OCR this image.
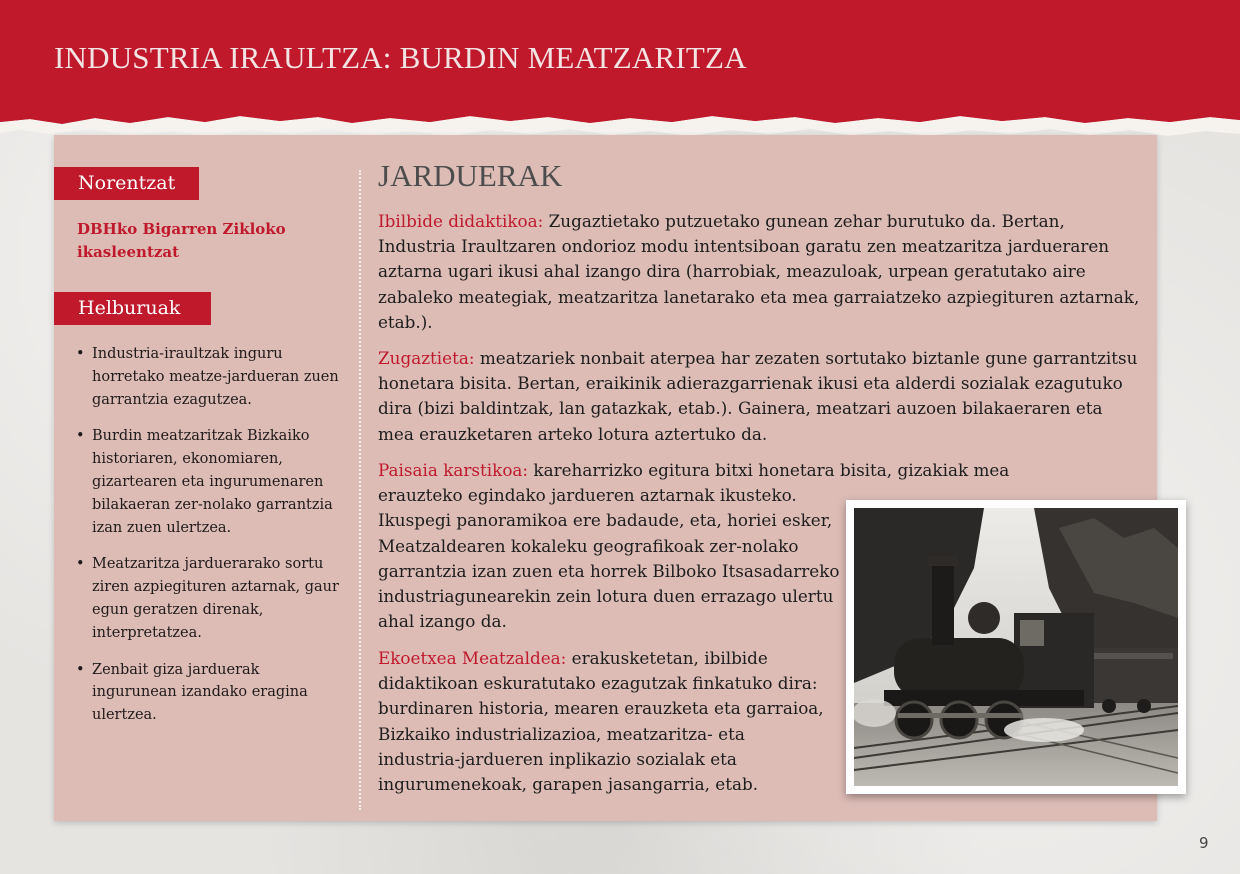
INDUSTRIA IRAULTZA: BURDIN MEATZARITZA
Norentzat
DBHko Bigarren Zikloko ikasleentzat
Helburuak
• Industria-iraultzak inguru horretako meatze-jardueran zuen garrantzia ezagutzea.
• Burdin meatzaritzak Bizkaiko historiaren, ekonomiaren, gizartearen eta ingurumenaren bilakaeran zer-nolako garrantzia izan zuen ulertzea.
• Meatzaritza jarduerarako sortu ziren azpiegituren aztarnak, gaur egun geratzen direnak, interpretatzea.
• Zenbait giza jarduerak ingurunean izandako eragina ulertzea.
JARDUERAK

Ibilbide didaktikoa: Zugaztietako putzuetako gunean zehar burutuko da. Bertan, Industria Iraultzaren ondorioz modu intentsiboan garatu zen meatzaritza jardueraren aztarna ugari ikusi ahal izango dira (harrobiak, meazuloak, urpean geratutako aire zabaleko meategiak, meatzaritza lanetarako eta mea garraiatzeko azpiegituren aztarnak, etab.).

Zugaztieta: meatzariek nonbait aterpea har zezaten sortutako biztanle gune garrantzitsu honetara bisita. Bertan, eraikinik adierazgarrienak ikusi eta alderdi sozialak ezagutuko dira (bizi baldintzak, lan gatazkak, etab.). Gainera, meatzari auzoen bilakaeraren eta mea erauzketaren arteko lotura aztertuko da.

Paisaia karstikoa: kareharrizko egitura bitxi honetara bisita, gizakiak mea erauzteko egindako jardueren aztarnak ikusteko.
Ikuspegi panoramikoa ere badaude, eta, horiei esker, Meatzaldearen kokaleku geografikoak zer-nolako garrantzia izan zuen eta horrek Bilboko Itsasadarreko industriagunearekin zein lotura duen errazago ulertu ahal izango da.

Ekoetxea Meatzaldea: erakusketetan, ibilbide didaktikoan eskuratutako ezagutzak finkatuko dira: burdinaren historia, mearen erauzketa eta garraioa, Bizkaiko industrializazioa, meatzaritza- eta industria-jardueren inplikazio sozialak eta ingurumenekoak, garapen jasangarria, etab.

9
